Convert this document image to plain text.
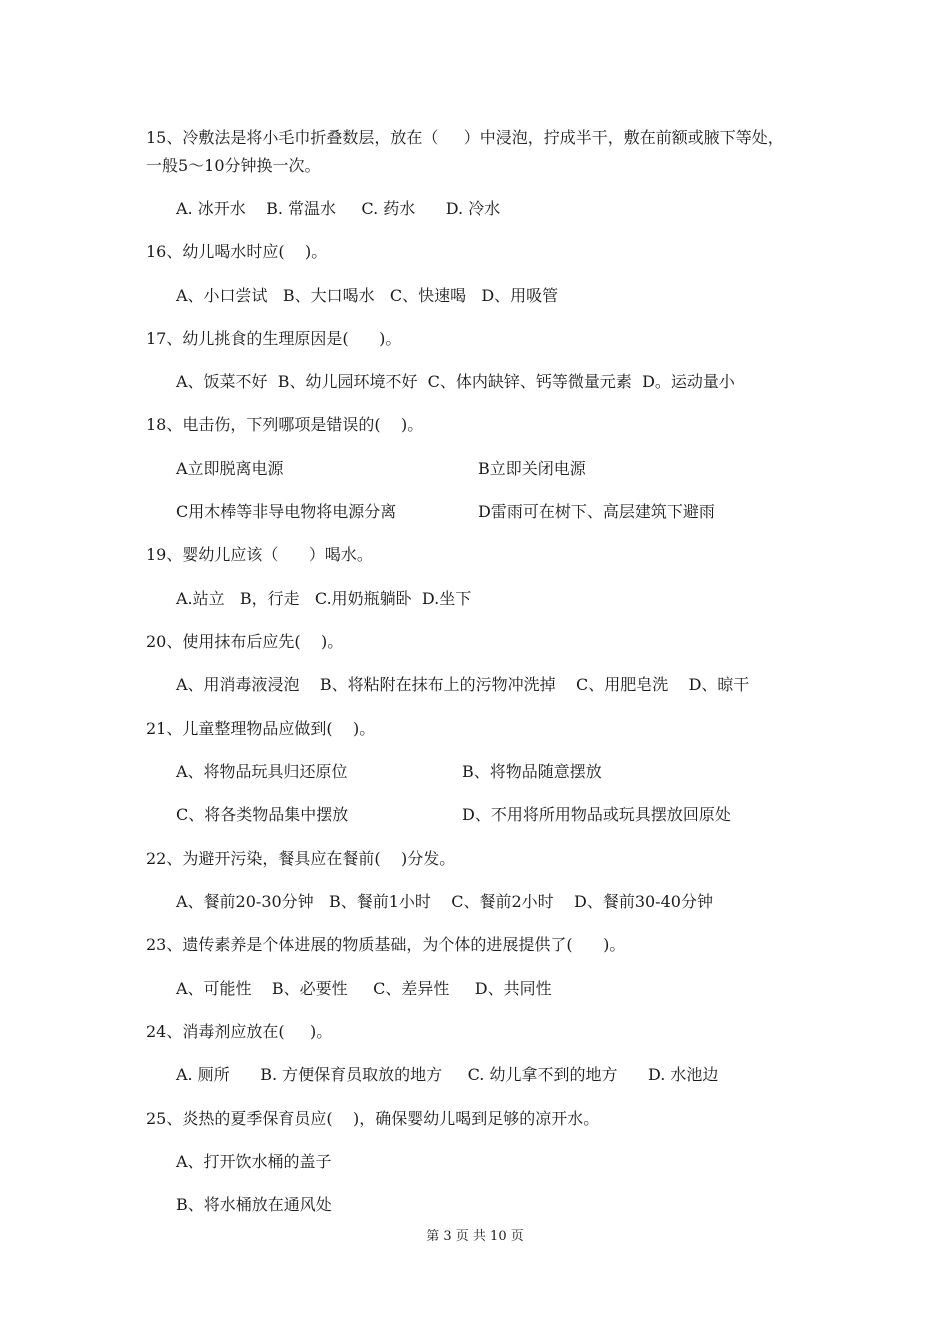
15、冷敷法是将小毛巾折叠数层，放在（     ）中浸泡，拧成半干，敷在前额或腋下等处，

一般5～10分钟换一次。

A. 冰开水    B. 常温水     C. 药水      D. 冷水

16、幼儿喝水时应(    )。

A、小口尝试   B、大口喝水   C、快速喝   D、用吸管

17、幼儿挑食的生理原因是(      )。

A、饭菜不好  B、幼儿园环境不好  C、体内缺锌、钙等微量元素  D。运动量小

18、电击伤，下列哪项是错误的(    )。

A立即脱离电源	B立即关闭电源

C用木棒等非导电物将电源分离	D雷雨可在树下、高层建筑下避雨

19、婴幼儿应该（      ）喝水。

A.站立   B，行走   C.用奶瓶躺卧  D.坐下

20、使用抹布后应先(    )。

A、用消毒液浸泡    B、将粘附在抹布上的污物冲洗掉    C、用肥皂洗    D、晾干

21、儿童整理物品应做到(    )。

A、将物品玩具归还原位	B、将物品随意摆放

C、将各类物品集中摆放	D、不用将所用物品或玩具摆放回原处

22、为避开污染，餐具应在餐前(    )分发。

A、餐前20-30分钟   B、餐前1小时    C、餐前2小时    D、餐前30-40分钟

23、遗传素养是个体进展的物质基础，为个体的进展提供了(      )。

A、可能性    B、必要性     C、差异性     D、共同性

24、消毒剂应放在(     )。

A. 厕所      B. 方便保育员取放的地方     C. 幼儿拿不到的地方      D. 水池边

25、炎热的夏季保育员应(    )，确保婴幼儿喝到足够的凉开水。

A、打开饮水桶的盖子

B、将水桶放在通风处

第 3 页 共 10 页
